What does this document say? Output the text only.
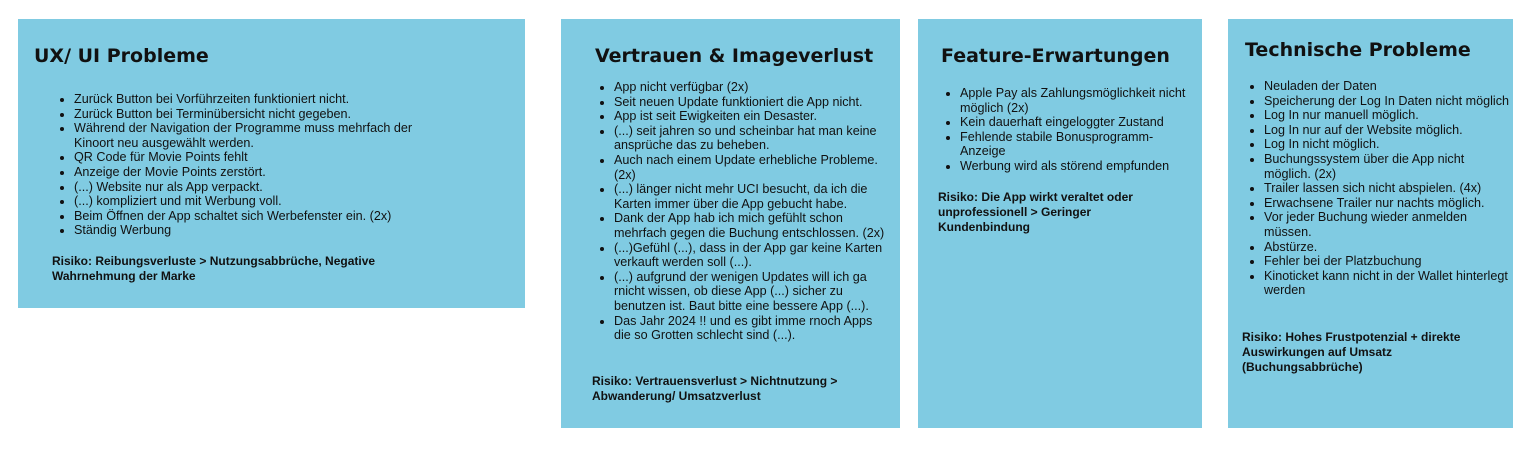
UX/ UI Probleme
• Zurück Button bei Vorführzeiten funktioniert nicht.
• Zurück Button bei Terminübersicht nicht gegeben.
• Während der Navigation der Programme muss mehrfach der Kinoort neu ausgewählt werden.
• QR Code für Movie Points fehlt
• Anzeige der Movie Points zerstört.
• (...) Website nur als App verpackt.
• (...) kompliziert und mit Werbung voll.
• Beim Öffnen der App schaltet sich Werbefenster ein. (2x)
• Ständig Werbung

Risiko: Reibungsverluste > Nutzungsabbrüche, Negative Wahrnehmung der Marke

Vertrauen & Imageverlust
• App nicht verfügbar (2x)
• Seit neuen Update funktioniert die App nicht.
• App ist seit Ewigkeiten ein Desaster.
• (...) seit jahren so und scheinbar hat man keine ansprüche das zu beheben.
• Auch nach einem Update erhebliche Probleme. (2x)
• (...) länger nicht mehr UCI besucht, da ich die Karten immer über die App gebucht habe.
• Dank der App hab ich mich gefühlt schon mehrfach gegen die Buchung entschlossen. (2x)
• (...)Gefühl (...), dass in der App gar keine Karten verkauft werden soll (...).
• (...) aufgrund der wenigen Updates will ich ga rnicht wissen, ob diese App (...) sicher zu benutzen ist. Baut bitte eine bessere App (...).
• Das Jahr 2024 !! und es gibt imme rnoch Apps die so Grotten schlecht sind (...).

Risiko: Vertrauensverlust > Nichtnutzung > Abwanderung/ Umsatzverlust

Feature-Erwartungen
• Apple Pay als Zahlungsmöglichkeit nicht möglich (2x)
• Kein dauerhaft eingeloggter Zustand
• Fehlende stabile Bonusprogramm-Anzeige
• Werbung wird als störend empfunden

Risiko: Die App wirkt veraltet oder unprofessionell > Geringer Kundenbindung

Technische Probleme
• Neuladen der Daten
• Speicherung der Log In Daten nicht möglich
• Log In nur manuell möglich.
• Log In nur auf der Website möglich.
• Log In nicht möglich.
• Buchungssystem über die App nicht möglich. (2x)
• Trailer lassen sich nicht abspielen. (4x)
• Erwachsene Trailer nur nachts möglich.
• Vor jeder Buchung wieder anmelden müssen.
• Abstürze.
• Fehler bei der Platzbuchung
• Kinoticket kann nicht in der Wallet hinterlegt werden

Risiko: Hohes Frustpotenzial + direkte Auswirkungen auf Umsatz (Buchungsabbrüche)
